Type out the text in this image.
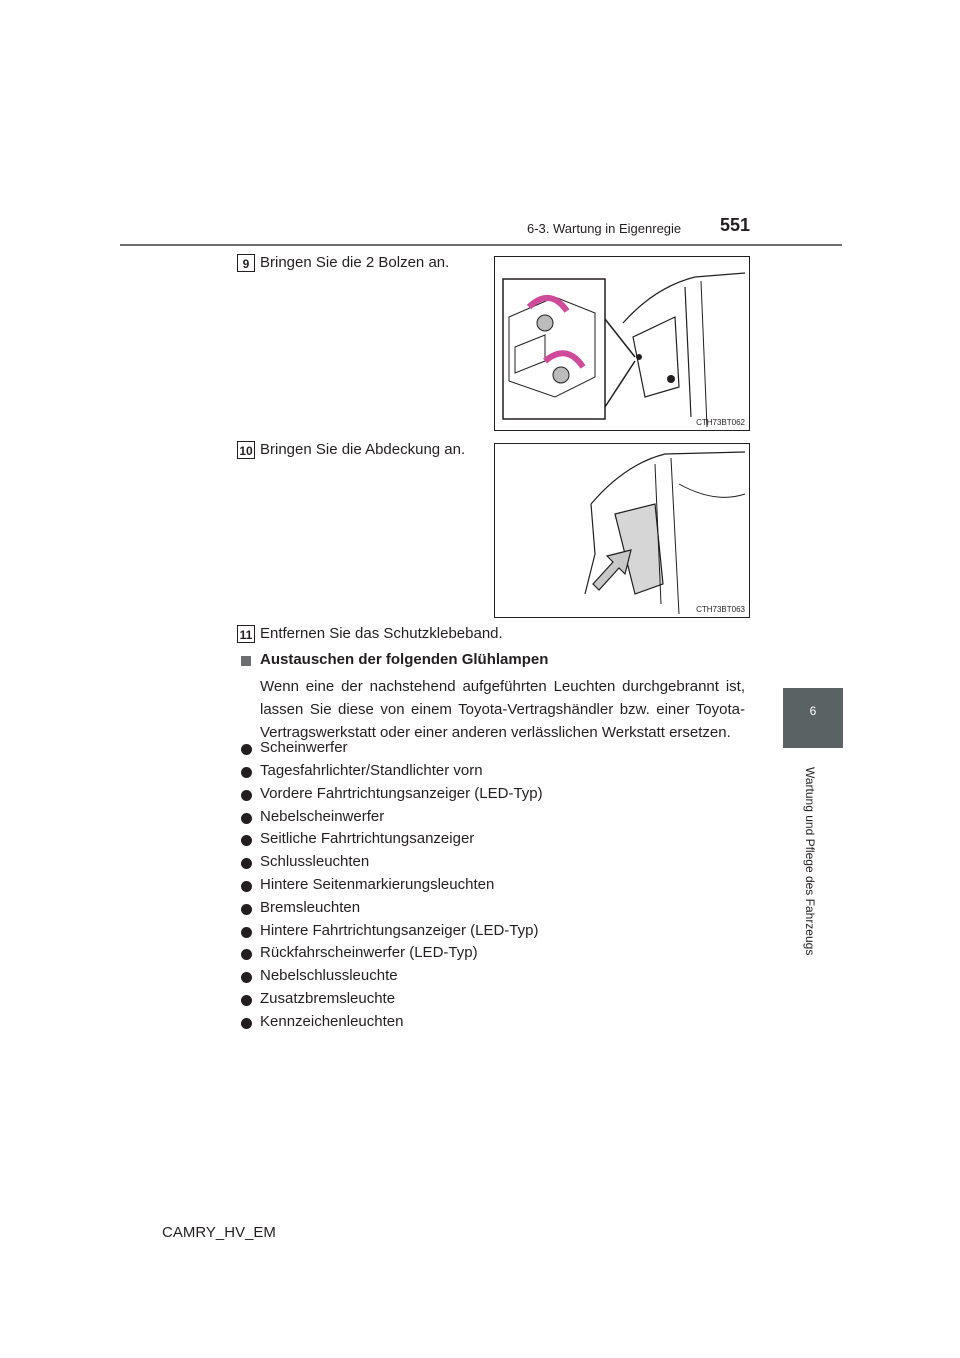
6-3. Wartung in Eigenregie 551
6
Wartung und Pflege des Fahrzeugs
9 Bringen Sie die 2 Bolzen an.
CTH73BT062
10 Bringen Sie die Abdeckung an.
CTH73BT063
11 Entfernen Sie das Schutzklebeband.
Austauschen der folgenden Glühlampen
Wenn eine der nachstehend aufgeführten Leuchten durchgebrannt ist, lassen Sie diese von einem Toyota-Vertragshändler bzw. einer Toyota-Vertragswerkstatt oder einer anderen verlässlichen Werkstatt ersetzen.
Scheinwerfer
Tagesfahrlichter/Standlichter vorn
Vordere Fahrtrichtungsanzeiger (LED-Typ)
Nebelscheinwerfer
Seitliche Fahrtrichtungsanzeiger
Schlussleuchten
Hintere Seitenmarkierungsleuchten
Bremsleuchten
Hintere Fahrtrichtungsanzeiger (LED-Typ)
Rückfahrscheinwerfer (LED-Typ)
Nebelschlussleuchte
Zusatzbremsleuchte
Kennzeichenleuchten
CAMRY_HV_EM
